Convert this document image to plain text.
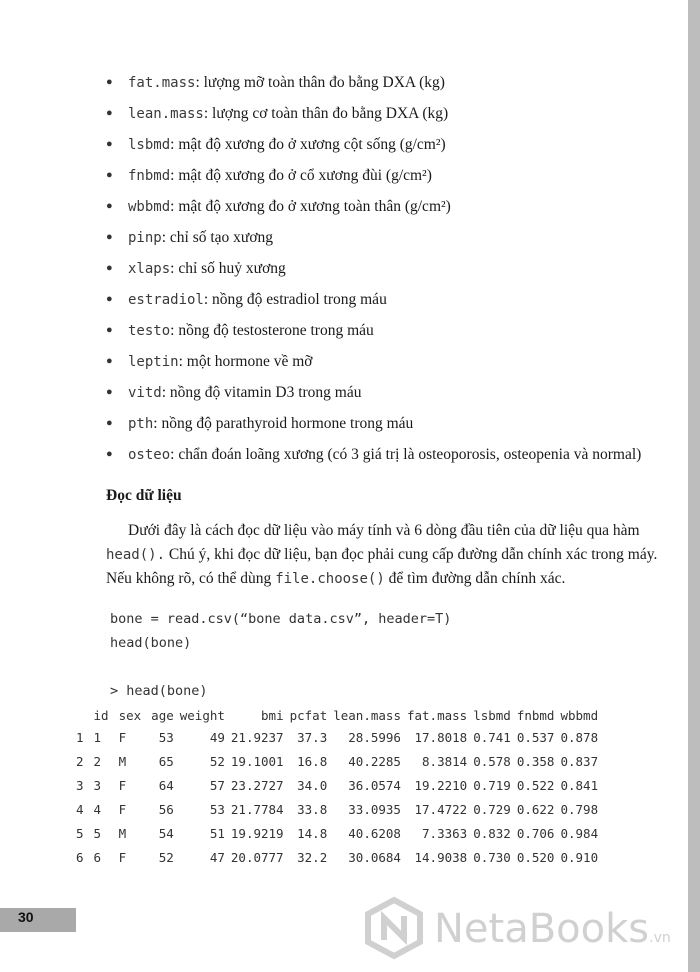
● fat.mass: lượng mỡ toàn thân đo bằng DXA (kg)
● lean.mass: lượng cơ toàn thân đo bằng DXA (kg)
● lsbmd: mật độ xương đo ở xương cột sống (g/cm²)
● fnbmd: mật độ xương đo ở cổ xương đùi (g/cm²)
● wbbmd: mật độ xương đo ở xương toàn thân (g/cm²)
● pinp: chỉ số tạo xương
● xlaps: chỉ số huỷ xương
● estradiol: nồng độ estradiol trong máu
● testo: nồng độ testosterone trong máu
● leptin: một hormone về mỡ
● vitd: nồng độ vitamin D3 trong máu
● pth: nồng độ parathyroid hormone trong máu
● osteo: chẩn đoán loãng xương (có 3 giá trị là osteoporosis, osteopenia và normal)
Đọc dữ liệu
Dưới đây là cách đọc dữ liệu vào máy tính và 6 dòng đầu tiên của dữ liệu qua hàm head(). Chú ý, khi đọc dữ liệu, bạn đọc phải cung cấp đường dẫn chính xác trong máy. Nếu không rõ, có thể dùng file.choose() để tìm đường dẫn chính xác.
bone = read.csv(“bone data.csv”, header=T)
head(bone)
> head(bone)
	id	sex	age	weight	bmi	pcfat	lean.mass	fat.mass	lsbmd	fnbmd	wbbmd
1	1	F	53	49	21.9237	37.3	28.5996	17.8018	0.741	0.537	0.878
2	2	M	65	52	19.1001	16.8	40.2285	8.3814	0.578	0.358	0.837
3	3	F	64	57	23.2727	34.0	36.0574	19.2210	0.719	0.522	0.841
4	4	F	56	53	21.7784	33.8	33.0935	17.4722	0.729	0.622	0.798
5	5	M	54	51	19.9219	14.8	40.6208	7.3363	0.832	0.706	0.984
6	6	F	52	47	20.0777	32.2	30.0684	14.9038	0.730	0.520	0.910
30	NetaBooks.vn
